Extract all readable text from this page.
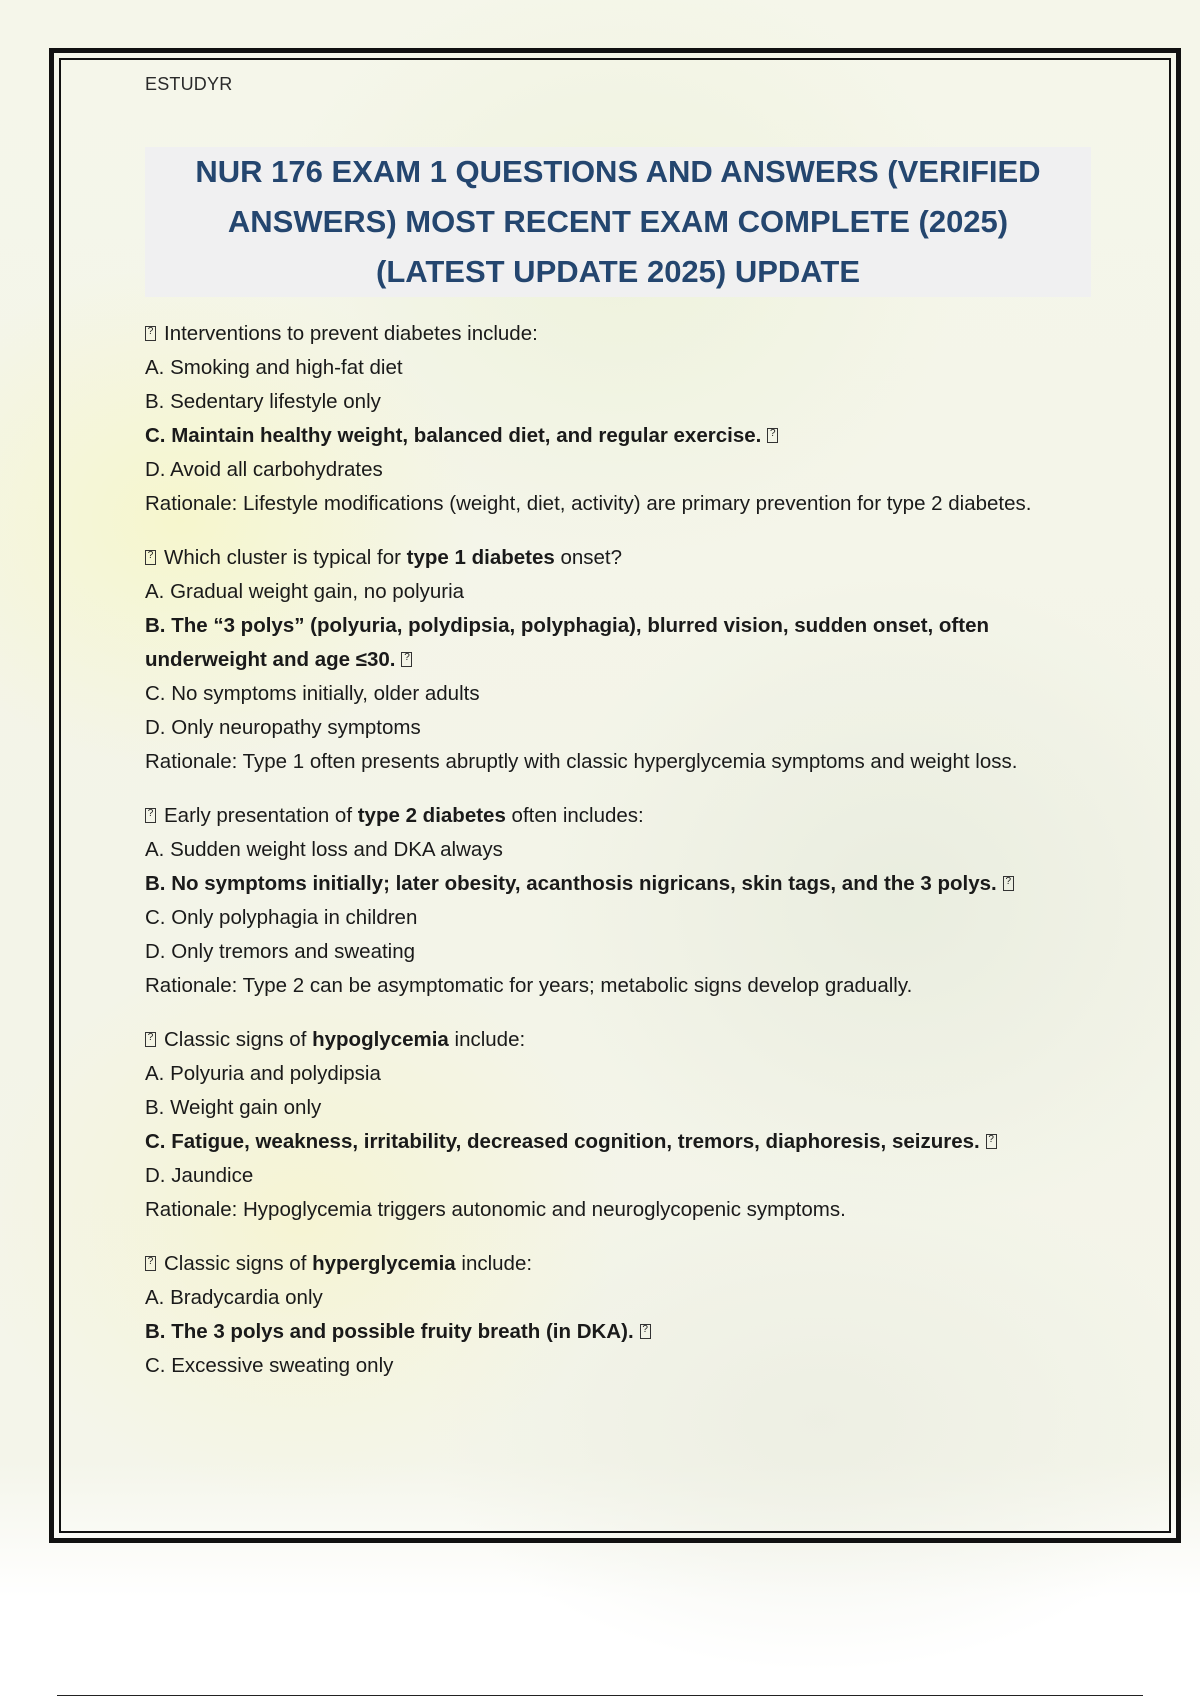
ESTUDYR
NUR 176 EXAM 1 QUESTIONS AND ANSWERS (VERIFIED ANSWERS) MOST RECENT EXAM COMPLETE (2025) (LATEST UPDATE 2025) UPDATE
?Interventions to prevent diabetes include:
A. Smoking and high-fat diet
B. Sedentary lifestyle only
C. Maintain healthy weight, balanced diet, and regular exercise.?
D. Avoid all carbohydrates
Rationale: Lifestyle modifications (weight, diet, activity) are primary prevention for type 2 diabetes.
?Which cluster is typical for type 1 diabetes onset?
A. Gradual weight gain, no polyuria
B. The “3 polys” (polyuria, polydipsia, polyphagia), blurred vision, sudden onset, often underweight and age ≤30.?
C. No symptoms initially, older adults
D. Only neuropathy symptoms
Rationale: Type 1 often presents abruptly with classic hyperglycemia symptoms and weight loss.
?Early presentation of type 2 diabetes often includes:
A. Sudden weight loss and DKA always
B. No symptoms initially; later obesity, acanthosis nigricans, skin tags, and the 3 polys.?
C. Only polyphagia in children
D. Only tremors and sweating
Rationale: Type 2 can be asymptomatic for years; metabolic signs develop gradually.
?Classic signs of hypoglycemia include:
A. Polyuria and polydipsia
B. Weight gain only
C. Fatigue, weakness, irritability, decreased cognition, tremors, diaphoresis, seizures.?
D. Jaundice
Rationale: Hypoglycemia triggers autonomic and neuroglycopenic symptoms.
?Classic signs of hyperglycemia include:
A. Bradycardia only
B. The 3 polys and possible fruity breath (in DKA).?
C. Excessive sweating only
